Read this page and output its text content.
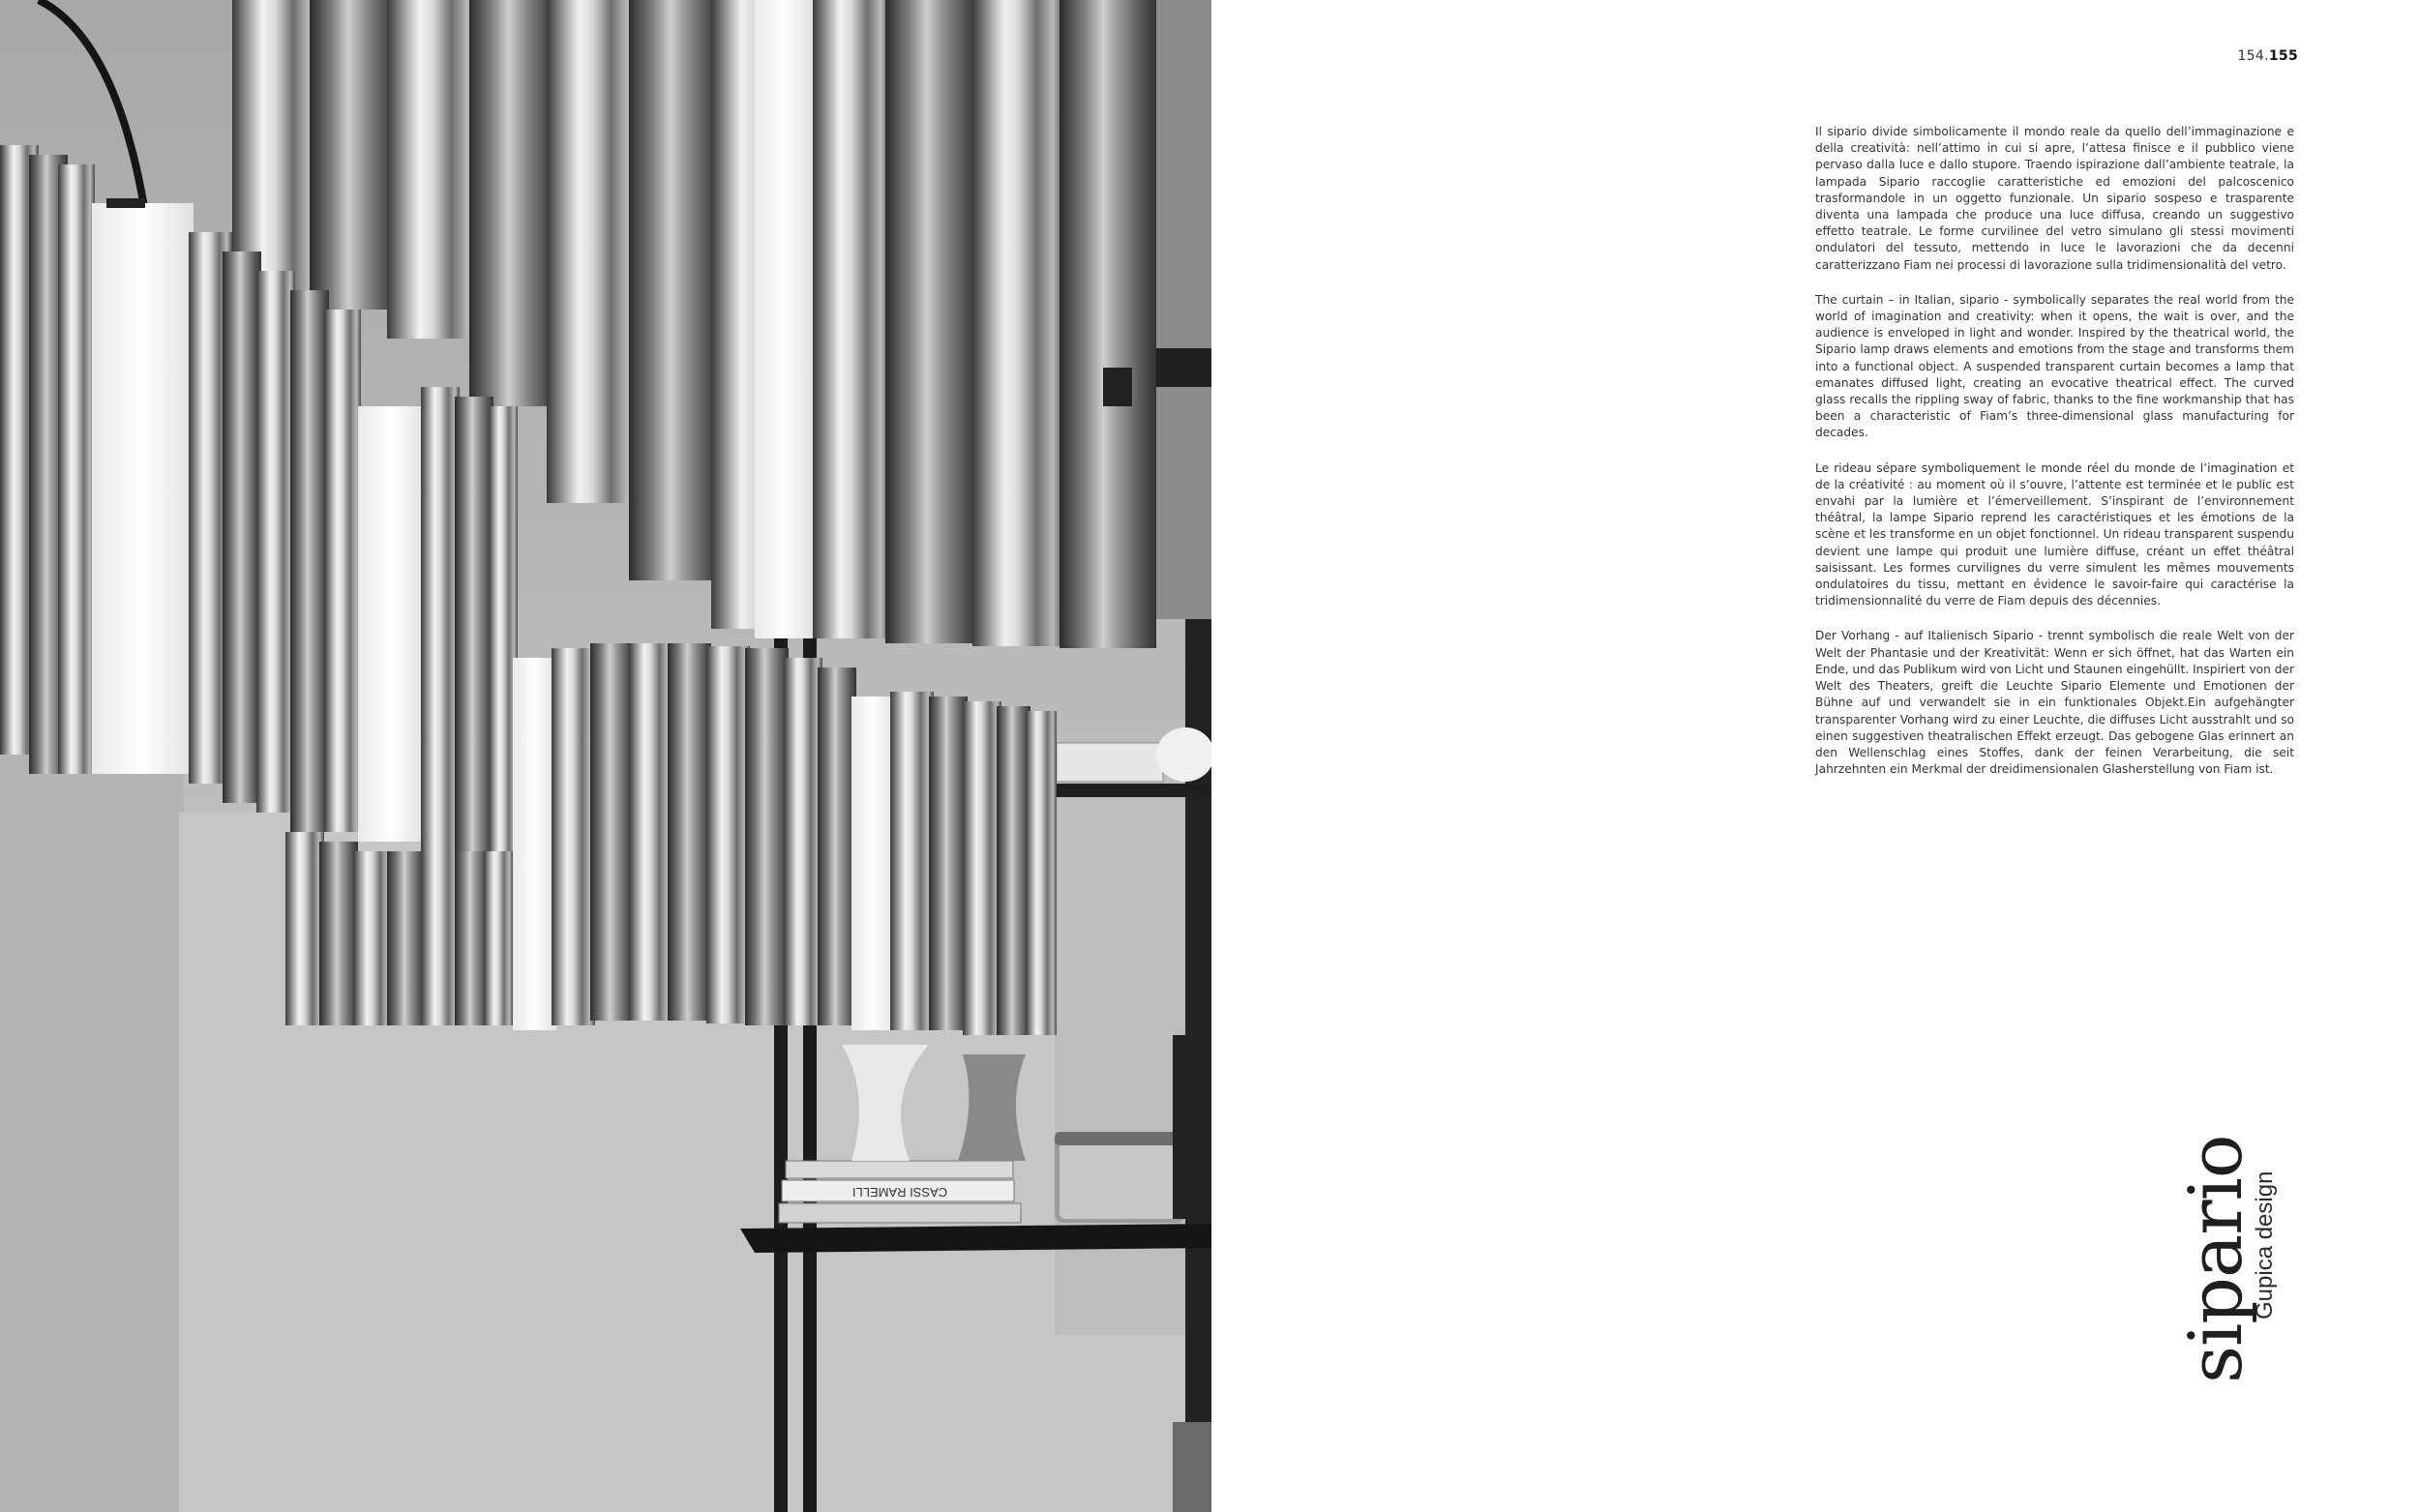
CASSI RAMELLI
154.155

Il sipario divide simbolicamente il mondo reale da quello dell’immaginazione e della creatività: nell’attimo in cui si apre, l’attesa finisce e il pubblico viene pervaso dalla luce e dallo stupore. Traendo ispirazione dall’ambiente teatrale, la lampada Sipario raccoglie caratteristiche ed emozioni del palcoscenico trasformandole in un oggetto funzionale. Un sipario sospeso e trasparente diventa una lampada che produce una luce diffusa, creando un suggestivo effetto teatrale. Le forme curvilinee del vetro simulano gli stessi movimenti ondulatori del tessuto, mettendo in luce le lavorazioni che da decenni caratterizzano Fiam nei processi di lavorazione sulla tridimensionalità del vetro.

The curtain – in Italian, sipario - symbolically separates the real world from the world of imagination and creativity: when it opens, the wait is over, and the audience is enveloped in light and wonder. Inspired by the theatrical world, the Sipario lamp draws elements and emotions from the stage and transforms them into a functional object. A suspended transparent curtain becomes a lamp that emanates diffused light, creating an evocative theatrical effect. The curved glass recalls the rippling sway of fabric, thanks to the fine workmanship that has been a characteristic of Fiam’s three-dimensional glass manufacturing for decades.

Le rideau sépare symboliquement le monde réel du monde de l’imagination et de la créativité : au moment où il s’ouvre, l’attente est terminée et le public est envahi par la lumière et l’émerveillement. S’inspirant de l’environnement théâtral, la lampe Sipario reprend les caractéristiques et les émotions de la scène et les transforme en un objet fonctionnel. Un rideau transparent suspendu devient une lampe qui produit une lumière diffuse, créant un effet théâtral saisissant. Les formes curvilignes du verre simulent les mêmes mouvements ondulatoires du tissu, mettant en évidence le savoir-faire qui caractérise la tridimensionnalité du verre de Fiam depuis des décennies.

Der Vorhang - auf Italienisch Sipario - trennt symbolisch die reale Welt von der Welt der Phantasie und der Kreativität: Wenn er sich öffnet, hat das Warten ein Ende, und das Publikum wird von Licht und Staunen eingehüllt. Inspiriert von der Welt des Theaters, greift die Leuchte Sipario Elemente und Emotionen der Bühne auf und verwandelt sie in ein funktionales Objekt.Ein aufgehängter transparenter Vorhang wird zu einer Leuchte, die diffuses Licht ausstrahlt und so einen suggestiven theatralischen Effekt erzeugt. Das gebogene Glas erinnert an den Wellenschlag eines Stoffes, dank der feinen Verarbeitung, die seit Jahrzehnten ein Merkmal der dreidimensionalen Glasherstellung von Fiam ist.

sipario
Gupica design
